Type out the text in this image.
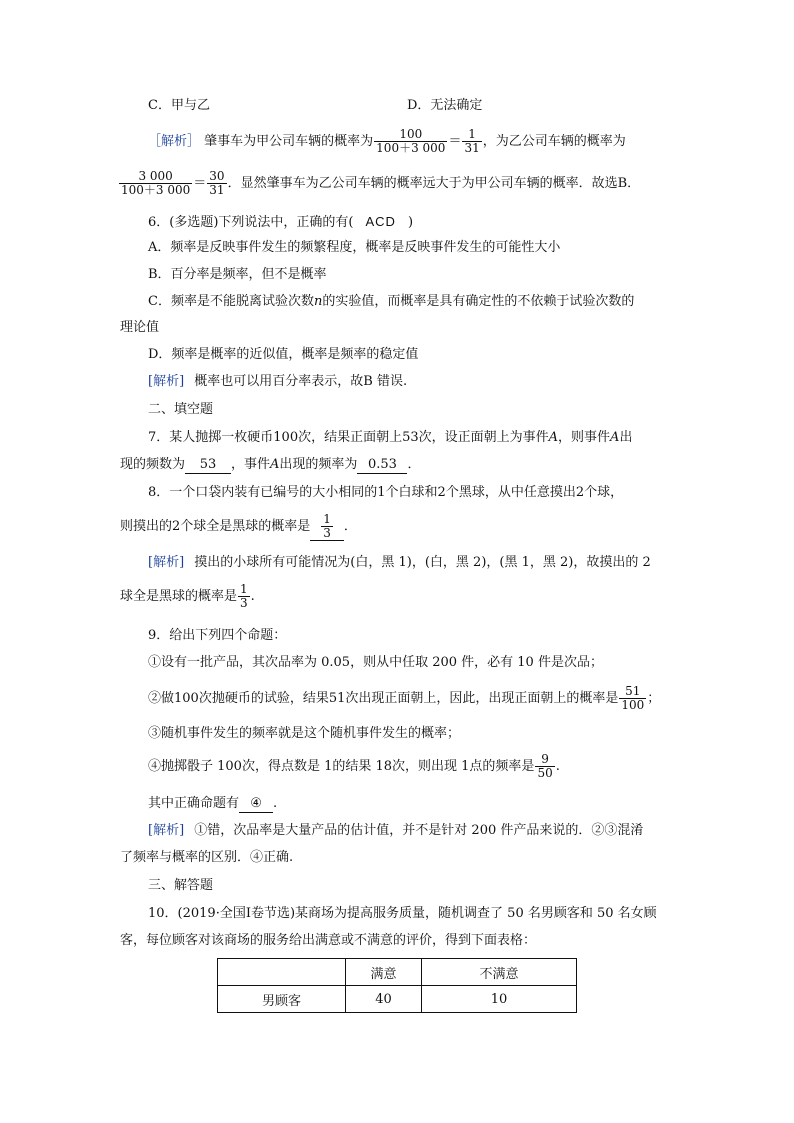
C．甲与乙	D．无法确定
［解析］ 肇事车为甲公司车辆的概率为 $\frac{100}{100+3 000} = \frac{1}{31}$ ，为乙公司车辆的概率为
$\frac{3 000}{100+3 000} = \frac{30}{31}$ ．显然肇事车为乙公司车辆的概率远大于为甲公司车辆的概率．故选B．
6．(多选题)下列说法中，正确的有( ACD )
A．频率是反映事件发生的频繁程度，概率是反映事件发生的可能性大小
B．百分率是频率，但不是概率
C．频率是不能脱离试验次数n的实验值，而概率是具有确定性的不依赖于试验次数的
理论值
D．频率是概率的近似值，概率是频率的稳定值
[解析] 概率也可以用百分率表示，故B 错误.
二、填空题
7．某人抛掷一枚硬币100次，结果正面朝上53次，设正面朝上为事件A，则事件A出
现的频数为 53 ，事件A出现的频率为 0.53 ．
8．一个口袋内装有已编号的大小相同的1个白球和2个黑球，从中任意摸出2个球，
则摸出的2个球全是黑球的概率是 $\frac{1}{3}$ ．
[解析] 摸出的小球所有可能情况为(白，黑 1)，(白，黑 2)，(黑 1，黑 2)，故摸出的 2
球全是黑球的概率是 $\frac{1}{3}$ .
9．给出下列四个命题：
①设有一批产品，其次品率为 0.05，则从中任取 200 件，必有 10 件是次品；
②做100次抛硬币的试验，结果51次出现正面朝上，因此，出现正面朝上的概率是 $\frac{51}{100}$ ；
③随机事件发生的频率就是这个随机事件发生的概率；
④抛掷骰子 100次，得点数是 1的结果 18次，则出现 1点的频率是 $\frac{9}{50}$ .
其中正确命题有 ④ .
[解析] ①错，次品率是大量产品的估计值，并不是针对 200 件产品来说的．②③混淆
了频率与概率的区别．④正确.
三、解答题
10．(2019·全国Ⅰ卷节选)某商场为提高服务质量，随机调查了 50 名男顾客和 50 名女顾
客，每位顾客对该商场的服务给出满意或不满意的评价，得到下面表格：
	满意	不满意
男顾客	40	10
